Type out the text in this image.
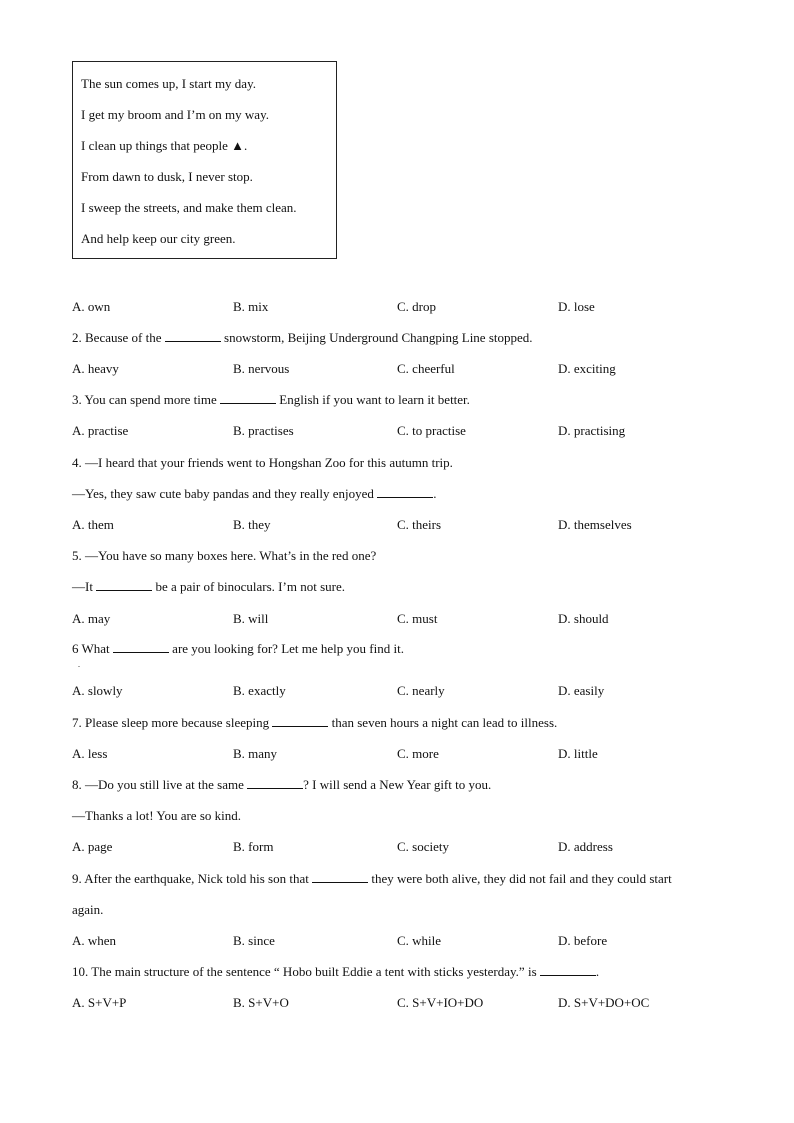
The sun comes up, I start my day.
I get my broom and I’m on my way.
I clean up things that people ▲.
From dawn to dusk, I never stop.
I sweep the streets, and make them clean.
And help keep our city green.
A. own	B. mix	C. drop	D. lose
2. Because of the	snowstorm, Beijing Underground Changping Line stopped.
A. heavy	B. nervous	C. cheerful	D. exciting
3. You can spend more time	English if you want to learn it better.
A. practise	B. practises	C. to practise	D. practising
4. —I heard that your friends went to Hongshan Zoo for this autumn trip.
—Yes, they saw cute baby pandas and they really enjoyed	.
A. them	B. they	C. theirs	D. themselves
5. —You have so many boxes here. What’s in the red one?
—It	be a pair of binoculars. I’m not sure.
A. may	B. will	C. must	D. should
6 What	are you looking for? Let me help you find it.
.
A. slowly	B. exactly	C. nearly	D. easily
7. Please sleep more because sleeping	than seven hours a night can lead to illness.
A. less	B. many	C. more	D. little
8. —Do you still live at the same	? I will send a New Year gift to you.
—Thanks a lot! You are so kind.
A. page	B. form	C. society	D. address
9. After the earthquake, Nick told his son that	they were both alive, they did not fail and they could start
again.
A. when	B. since	C. while	D. before
10. The main structure of the sentence “ Hobo built Eddie a tent with sticks yesterday.” is	.
A. S+V+P	B. S+V+O	C. S+V+IO+DO	D. S+V+DO+OC
